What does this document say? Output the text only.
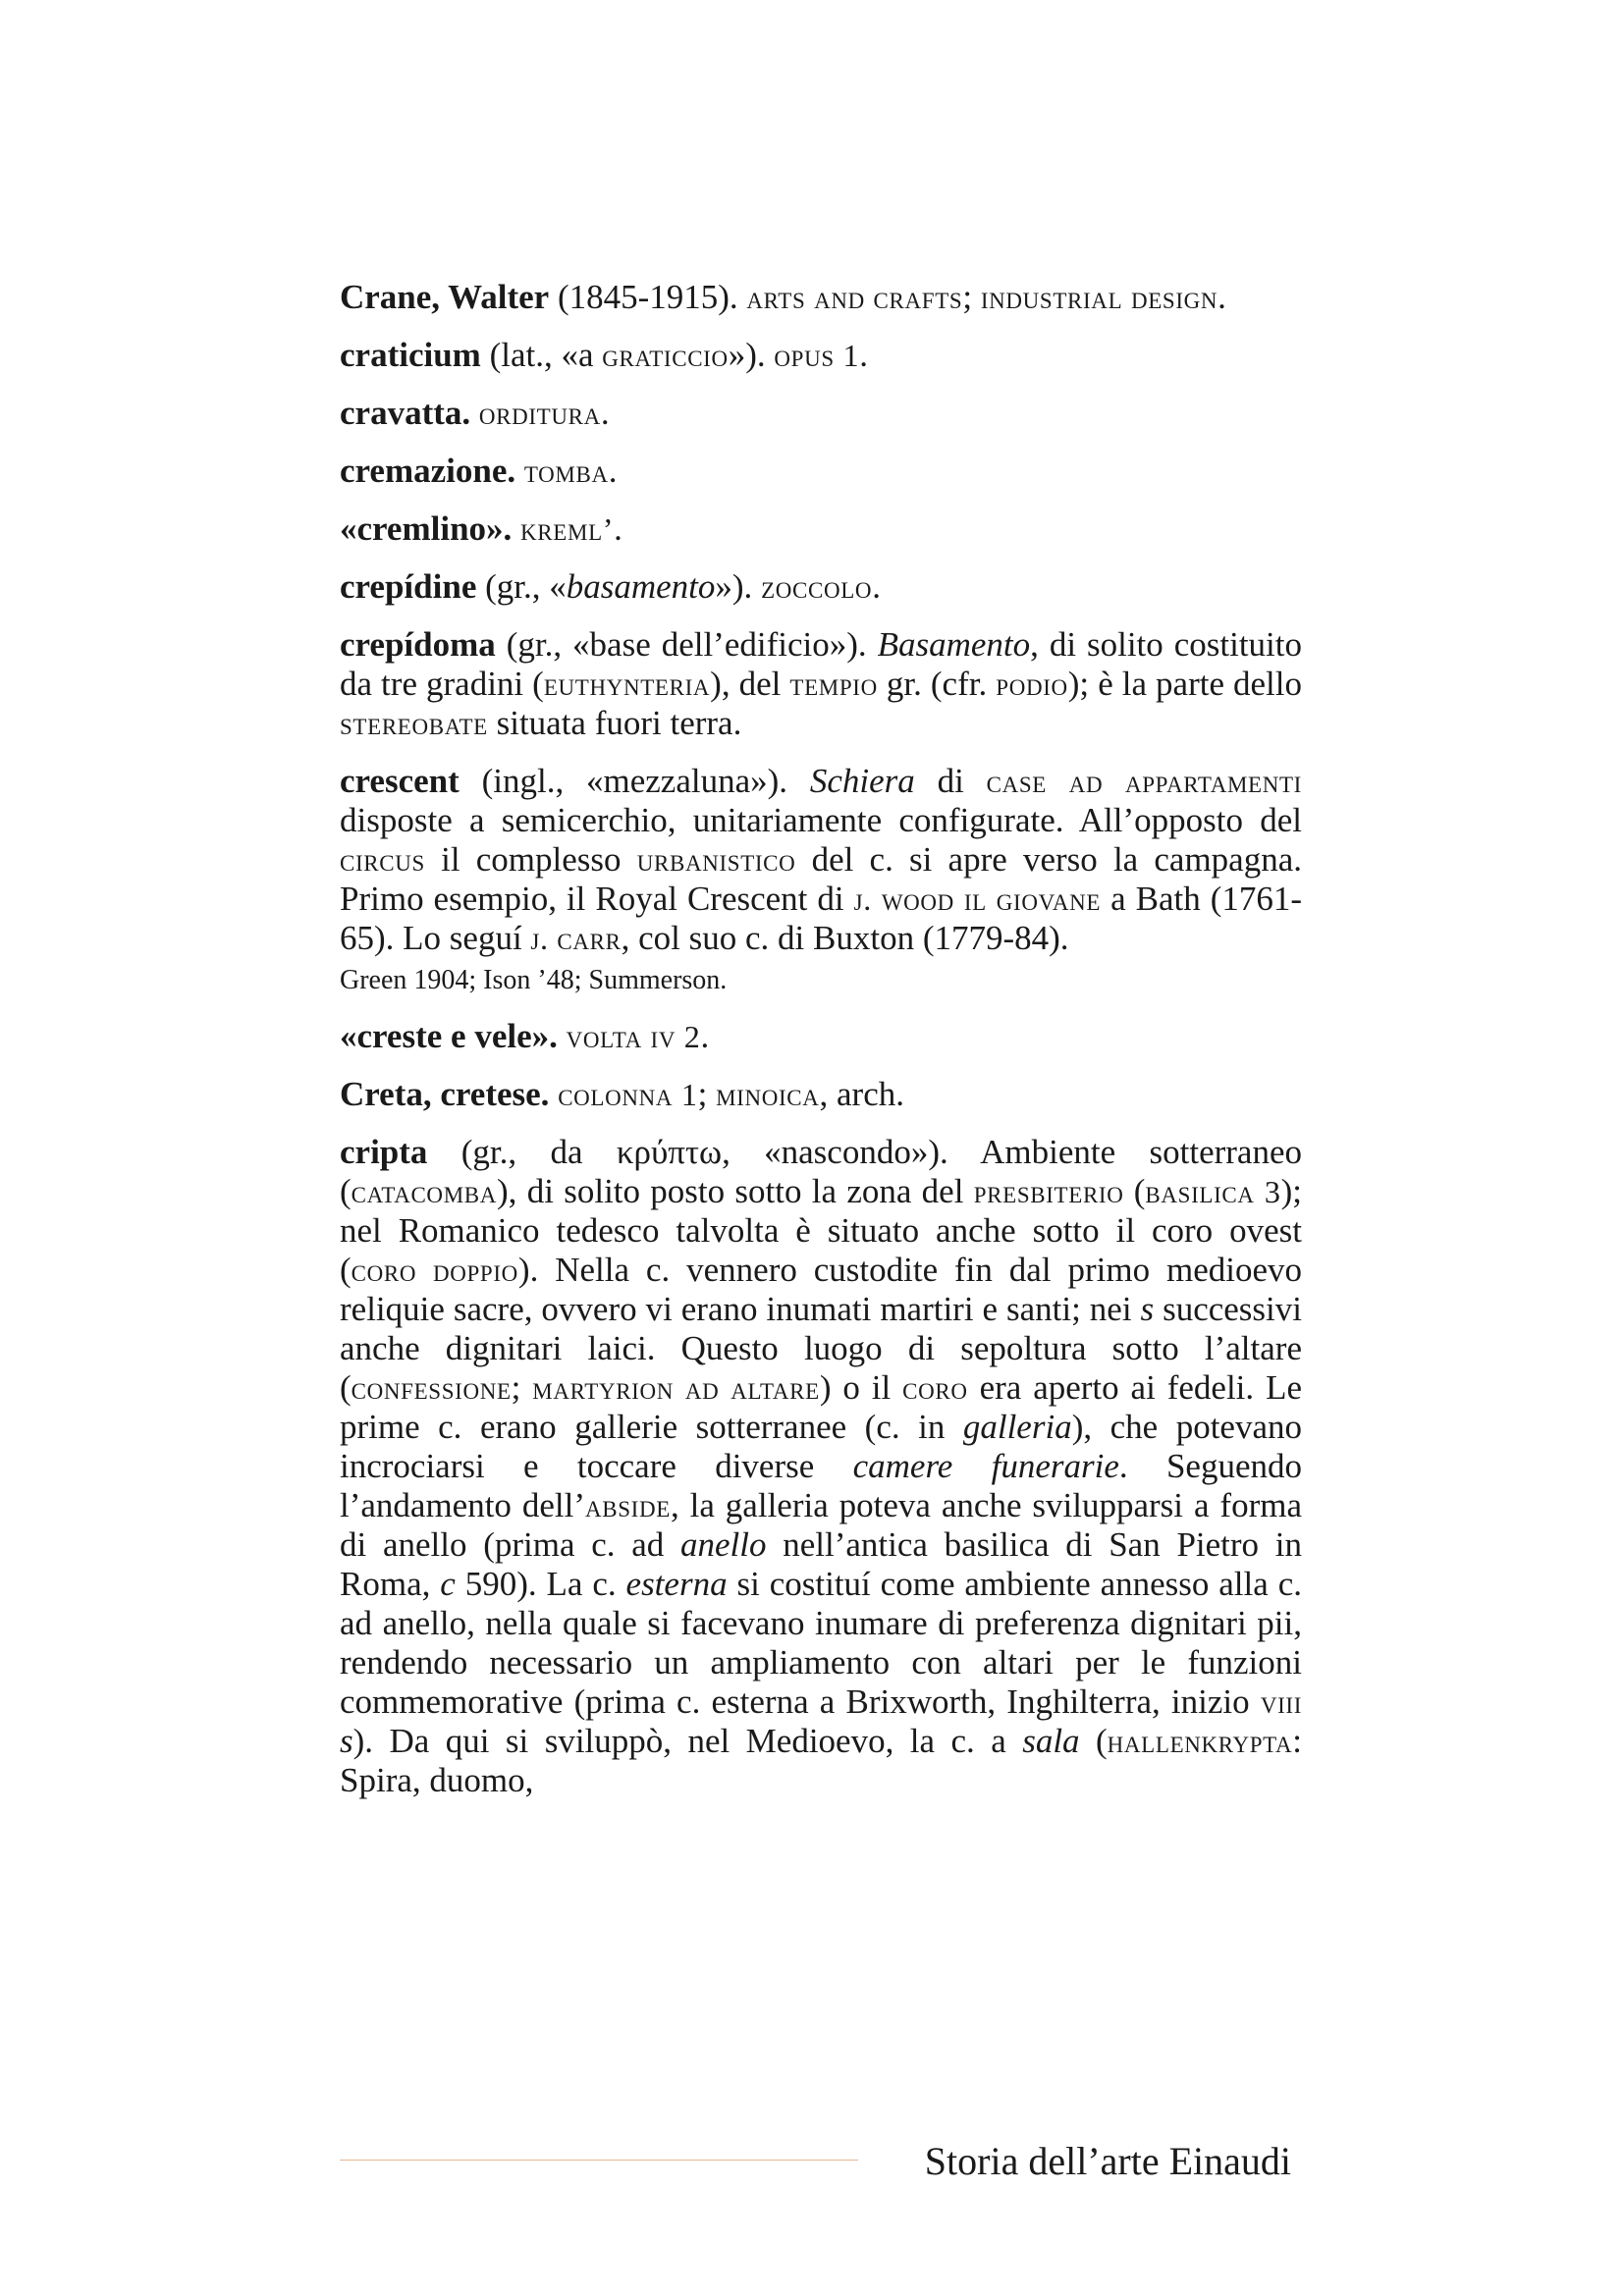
Crane, Walter (1845-1915). arts and crafts; industrial design.

craticium (lat., «a graticcio»). opus 1.

cravatta. orditura.

cremazione. tomba.

«cremlino». kreml’.

crepídine (gr., «basamento»). zoccolo.

crepídoma (gr., «base dell’edificio»). Basamento, di solito costituito da tre gradini (euthynteria), del tempio gr. (cfr. podio); è la parte dello stereobate situata fuori terra.

crescent (ingl., «mezzaluna»). Schiera di case ad appartamenti disposte a semicerchio, unitariamente configurate. All’opposto del circus il complesso urbanistico del c. si apre verso la campagna. Primo esempio, il Royal Crescent di j. wood il giovane a Bath (1761-65). Lo seguí j. carr, col suo c. di Buxton (1779-84).

Green 1904; Ison ’48; Summerson.

«creste e vele». volta iv 2.

Creta, cretese. colonna 1; minoica, arch.

cripta (gr., da κρύπτω, «nascondo»). Ambiente sotterraneo (catacomba), di solito posto sotto la zona del presbiterio (basilica 3); nel Romanico tedesco talvolta è situato anche sotto il coro ovest (coro doppio). Nella c. vennero custodite fin dal primo medioevo reliquie sacre, ovvero vi erano inumati martiri e santi; nei s successivi anche dignitari laici. Questo luogo di sepoltura sotto l’altare (confessione; martyrion ad altare) o il coro era aperto ai fedeli. Le prime c. erano gallerie sotterranee (c. in galleria), che potevano incrociarsi e toccare diverse camere funerarie. Seguendo l’andamento dell’abside, la galleria poteva anche svilupparsi a forma di anello (prima c. ad anello nell’antica basilica di San Pietro in Roma, c 590). La c. esterna si costituí come ambiente annesso alla c. ad anello, nella quale si facevano inumare di preferenza dignitari pii, rendendo necessario un ampliamento con altari per le funzioni commemorative (prima c. esterna a Brixworth, Inghilterra, inizio viii s). Da qui si sviluppò, nel Medioevo, la c. a sala (hallenkrypta: Spira, duomo,

Storia dell’arte Einaudi
